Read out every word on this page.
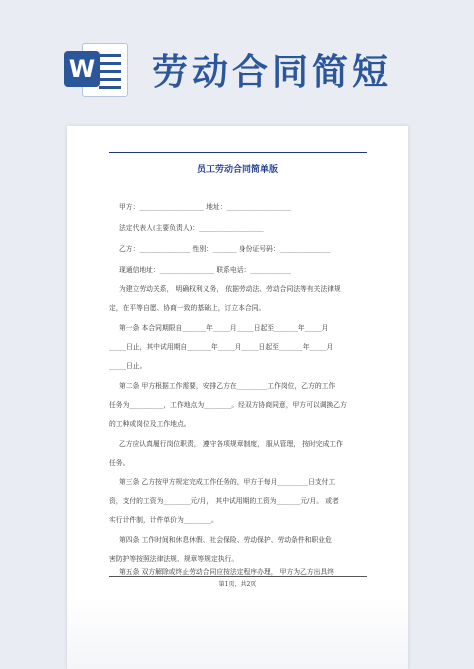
W 劳动合同简短
员工劳动合同简单版
甲方：___________________ 地址：___________________
法定代表人(主要负责人)：___________________
乙方：_______________ 性别：_______ 身份证号码：_______________
现通信地址：________________ 联系电话：____________
为建立劳动关系， 明确权利义务， 依据劳动法、劳动合同法等有关法律规
定，在平等自愿、协商一致的基础上，订立本合同。
第一条 本合同期限自_______年_____月_____日起至_______年_____月
_____日止，其中试用期自_______年_____月_____日起至_______年_____月
_____日止。
第二条 甲方根据工作需要，安排乙方在_________工作岗位，乙方的工作
任务为__________，工作地点为________。经双方协商同意，甲方可以调换乙方
的工种或岗位及工作地点。
乙方应认真履行岗位职责， 遵守各项规章制度， 服从管理， 按时完成工作
任务。
第三条 乙方按甲方规定完成工作任务的，甲方于每月_________日支付工
资，支付的工资为________元/月， 其中试用期的工资为_______元/月。 或者
实行计件制，计件单价为________。
第四条 工作时间和休息休假、社会保险、劳动保护、劳动条件和职业危
害防护等按照法律法规、规章等规定执行。
第五条 双方解除或终止劳动合同应按法定程序办理， 甲方为乙方出具终
第1页，共2页
